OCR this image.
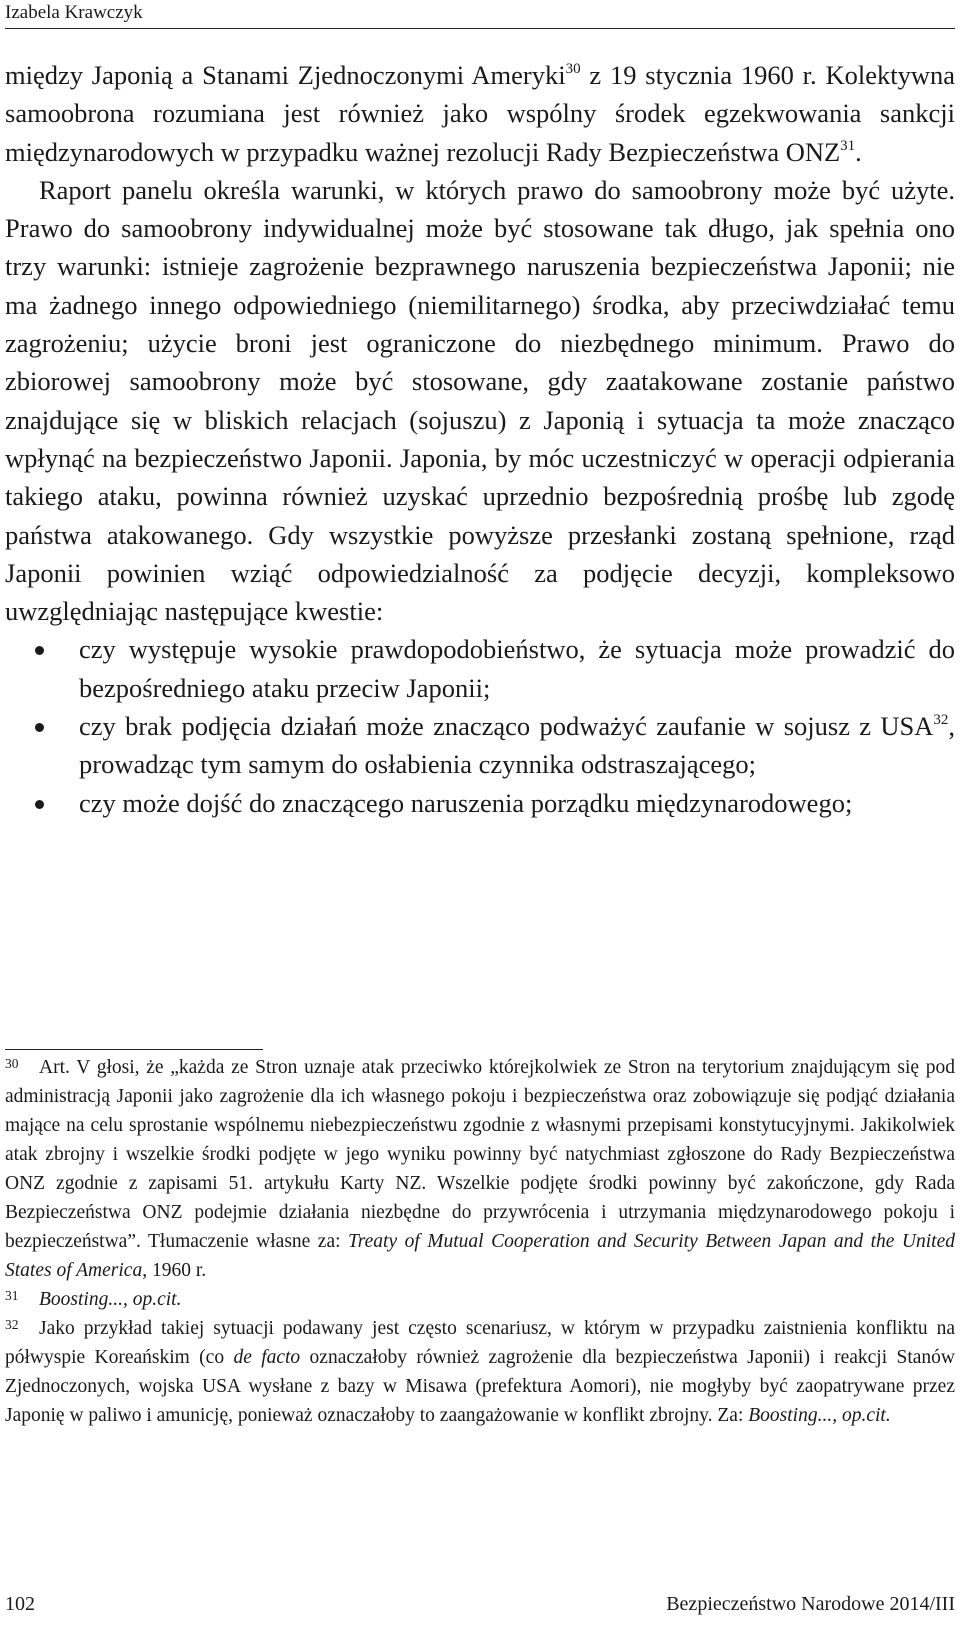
Izabela Krawczyk

między Japonią a Stanami Zjednoczonymi Ameryki$^{30}$ z 19 stycznia 1960 r. Kolektywna samoobrona rozumiana jest również jako wspólny środek egzekwowania sankcji międzynarodowych w przypadku ważnej rezolucji Rady Bezpieczeństwa ONZ$^{31}$.

Raport panelu określa warunki, w których prawo do samoobrony może być użyte. Prawo do samoobrony indywidualnej może być stosowane tak długo, jak spełnia ono trzy warunki: istnieje zagrożenie bezprawnego naruszenia bezpieczeństwa Japonii; nie ma żadnego innego odpowiedniego (niemilitarnego) środka, aby przeciwdziałać temu zagrożeniu; użycie broni jest ograniczone do niezbędnego minimum. Prawo do zbiorowej samoobrony może być stosowane, gdy zaatakowane zostanie państwo znajdujące się w bliskich relacjach (sojuszu) z Japonią i sytuacja ta może znacząco wpłynąć na bezpieczeństwo Japonii. Japonia, by móc uczestniczyć w operacji odpierania takiego ataku, powinna również uzyskać uprzednio bezpośrednią prośbę lub zgodę państwa atakowanego. Gdy wszystkie powyższe przesłanki zostaną spełnione, rząd Japonii powinien wziąć odpowiedzialność za podjęcie decyzji, kompleksowo uwzględniając następujące kwestie:

czy występuje wysokie prawdopodobieństwo, że sytuacja może prowadzić do bezpośredniego ataku przeciw Japonii;
czy brak podjęcia działań może znacząco podważyć zaufanie w sojusz z USA$^{32}$, prowadząc tym samym do osłabienia czynnika odstraszającego;
czy może dojść do znaczącego naruszenia porządku międzynarodowego;

30 Art. V głosi, że „każda ze Stron uznaje atak przeciwko którejkolwiek ze Stron na terytorium znajdującym się pod administracją Japonii jako zagrożenie dla ich własnego pokoju i bezpieczeństwa oraz zobowiązuje się podjąć działania mające na celu sprostanie wspólnemu niebezpieczeństwu zgodnie z własnymi przepisami konstytucyjnymi. Jakikolwiek atak zbrojny i wszelkie środki podjęte w jego wyniku powinny być natychmiast zgłoszone do Rady Bezpieczeństwa ONZ zgodnie z zapisami 51. artykułu Karty NZ. Wszelkie podjęte środki powinny być zakończone, gdy Rada Bezpieczeństwa ONZ podejmie działania niezbędne do przywrócenia i utrzymania międzynarodowego pokoju i bezpieczeństwa”. Tłumaczenie własne za: Treaty of Mutual Cooperation and Security Between Japan and the United States of America, 1960 r.

31 Boosting..., op.cit.

32 Jako przykład takiej sytuacji podawany jest często scenariusz, w którym w przypadku zaistnienia konfliktu na półwyspie Koreańskim (co de facto oznaczałoby również zagrożenie dla bezpieczeństwa Japonii) i reakcji Stanów Zjednoczonych, wojska USA wysłane z bazy w Misawa (prefektura Aomori), nie mogłyby być zaopatrywane przez Japonię w paliwo i amunicję, ponieważ oznaczałoby to zaangażowanie w konflikt zbrojny. Za: Boosting..., op.cit.

102	Bezpieczeństwo Narodowe 2014/III
